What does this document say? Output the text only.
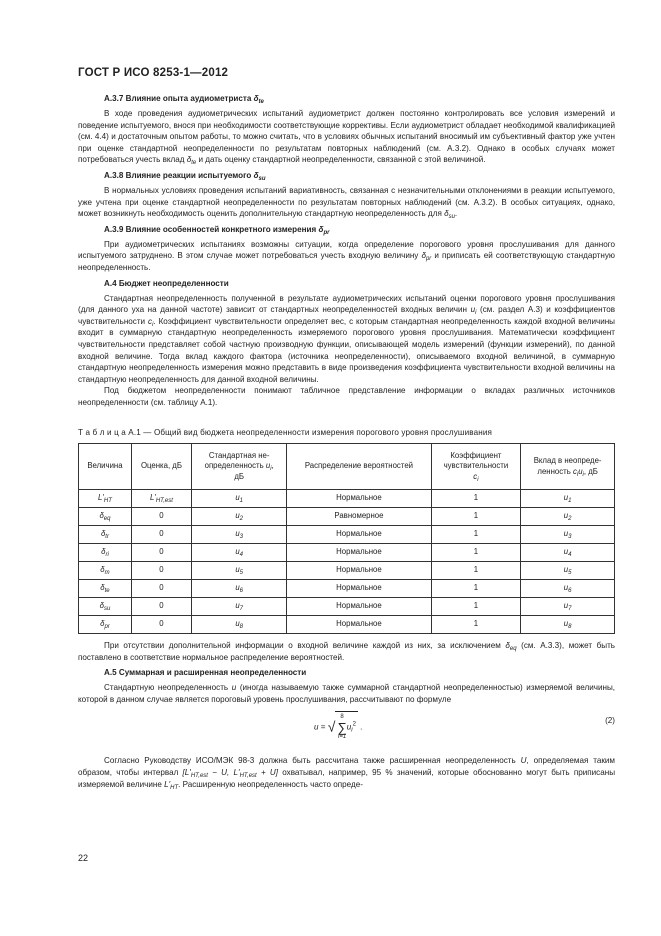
ГОСТ Р ИСО 8253-1—2012
А.3.7 Влияние опыта аудиометриста $\delta_{te}$

В ходе проведения аудиометрических испытаний аудиометрист должен постоянно контролировать все условия измерений и поведение испытуемого, внося при необходимости соответствующие коррективы. Если аудиометрист обладает необходимой квалификацией (см. 4.4) и достаточным опытом работы, то можно считать, что в условиях обычных испытаний вносимый им субъективный фактор уже учтен при оценке стандартной неопределенности по результатам повторных наблюдений (см. А.3.2). Однако в особых случаях может потребоваться учесть вклад $\delta_{te}$ и дать оценку стандартной неопределенности, связанной с этой величиной.

А.3.8 Влияние реакции испытуемого $\delta_{su}$

В нормальных условиях проведения испытаний вариативность, связанная с незначительными отклонениями в реакции испытуемого, уже учтена при оценке стандартной неопределенности по результатам повторных наблюдений (см. А.3.2). В особых ситуациях, однако, может возникнуть необходимость оценить дополнительную стандартную неопределенность для $\delta_{su}$.

А.3.9 Влияние особенностей конкретного измерения $\delta_{pr}$

При аудиометрических испытаниях возможны ситуации, когда определение порогового уровня прослушивания для данного испытуемого затруднено. В этом случае может потребоваться учесть входную величину $\delta_{pr}$ и приписать ей соответствующую стандартную неопределенность.

А.4 Бюджет неопределенности

Стандартная неопределенность полученной в результате аудиометрических испытаний оценки порогового уровня прослушивания (для данного уха на данной частоте) зависит от стандартных неопределенностей входных величин $u_i$ (см. раздел А.3) и коэффициентов чувствительности $c_i$. Коэффициент чувствительности определяет вес, с которым стандартная неопределенность каждой входной величины входит в суммарную стандартную неопределенность измеряемого порогового уровня прослушивания. Математически коэффициент чувствительности представляет собой частную производную функции, описывающей модель измерений (функции измерений), по данной входной величине. Тогда вклад каждого фактора (источника неопределенности), описываемого входной величиной, в суммарную стандартную неопределенность измерения можно представить в виде произведения коэффициента чувствительности входной величины на стандартную неопределенность для данной входной величины.

Под бюджетом неопределенности понимают табличное представление информации о вкладах различных источников неопределенности (см. таблицу А.1).

Т а б л и ц а А.1 — Общий вид бюджета неопределенности измерения порогового уровня прослушивания

Величина	Оценка, дБ	Стандартная не-
определенность $u_i$,
дБ	Распределение вероятностей	Коэффициент
чувствительности
$c_i$	Вклад в неопреде-
ленность $c_iu_i$, дБ
$L'_{HT}$	$L'_{HT,est}$	$u_1$	Нормальное	1	$u_1$
$\delta_{eq}$	0	$u_2$	Равномерное	1	$u_2$
$\delta_{tr}$	0	$u_3$	Нормальное	1	$u_3$
$\delta_{ri}$	0	$u_4$	Нормальное	1	$u_4$
$\delta_m$	0	$u_5$	Нормальное	1	$u_5$
$\delta_{te}$	0	$u_6$	Нормальное	1	$u_6$
$\delta_{su}$	0	$u_7$	Нормальное	1	$u_7$
$\delta_{pr}$	0	$u_8$	Нормальное	1	$u_8$

При отсутствии дополнительной информации о входной величине каждой из них, за исключением $\delta_{eq}$ (см. А.3.3), может быть поставлено в соответствие нормальное распределение вероятностей.

А.5 Суммарная и расширенная неопределенности

Стандартную неопределенность u (иногда называемую также суммарной стандартной неопределенностью) измеряемой величины, которой в данном случае является пороговый уровень прослушивания, рассчитывают по формуле

u = √8
∑
$i=1u_i^2$ .
(2)

Согласно Руководству ИСО/МЭК 98-3 должна быть рассчитана также расширенная неопределенность U, определяемая таким образом, чтобы интервал [$L'_{HT,est} - U$, $L'_{HT,est} + U$] охватывал, например, 95 % значений, которые обоснованно могут быть приписаны измеряемой величине $L'_{HT}$. Расширенную неопределенность часто опреде-

22
